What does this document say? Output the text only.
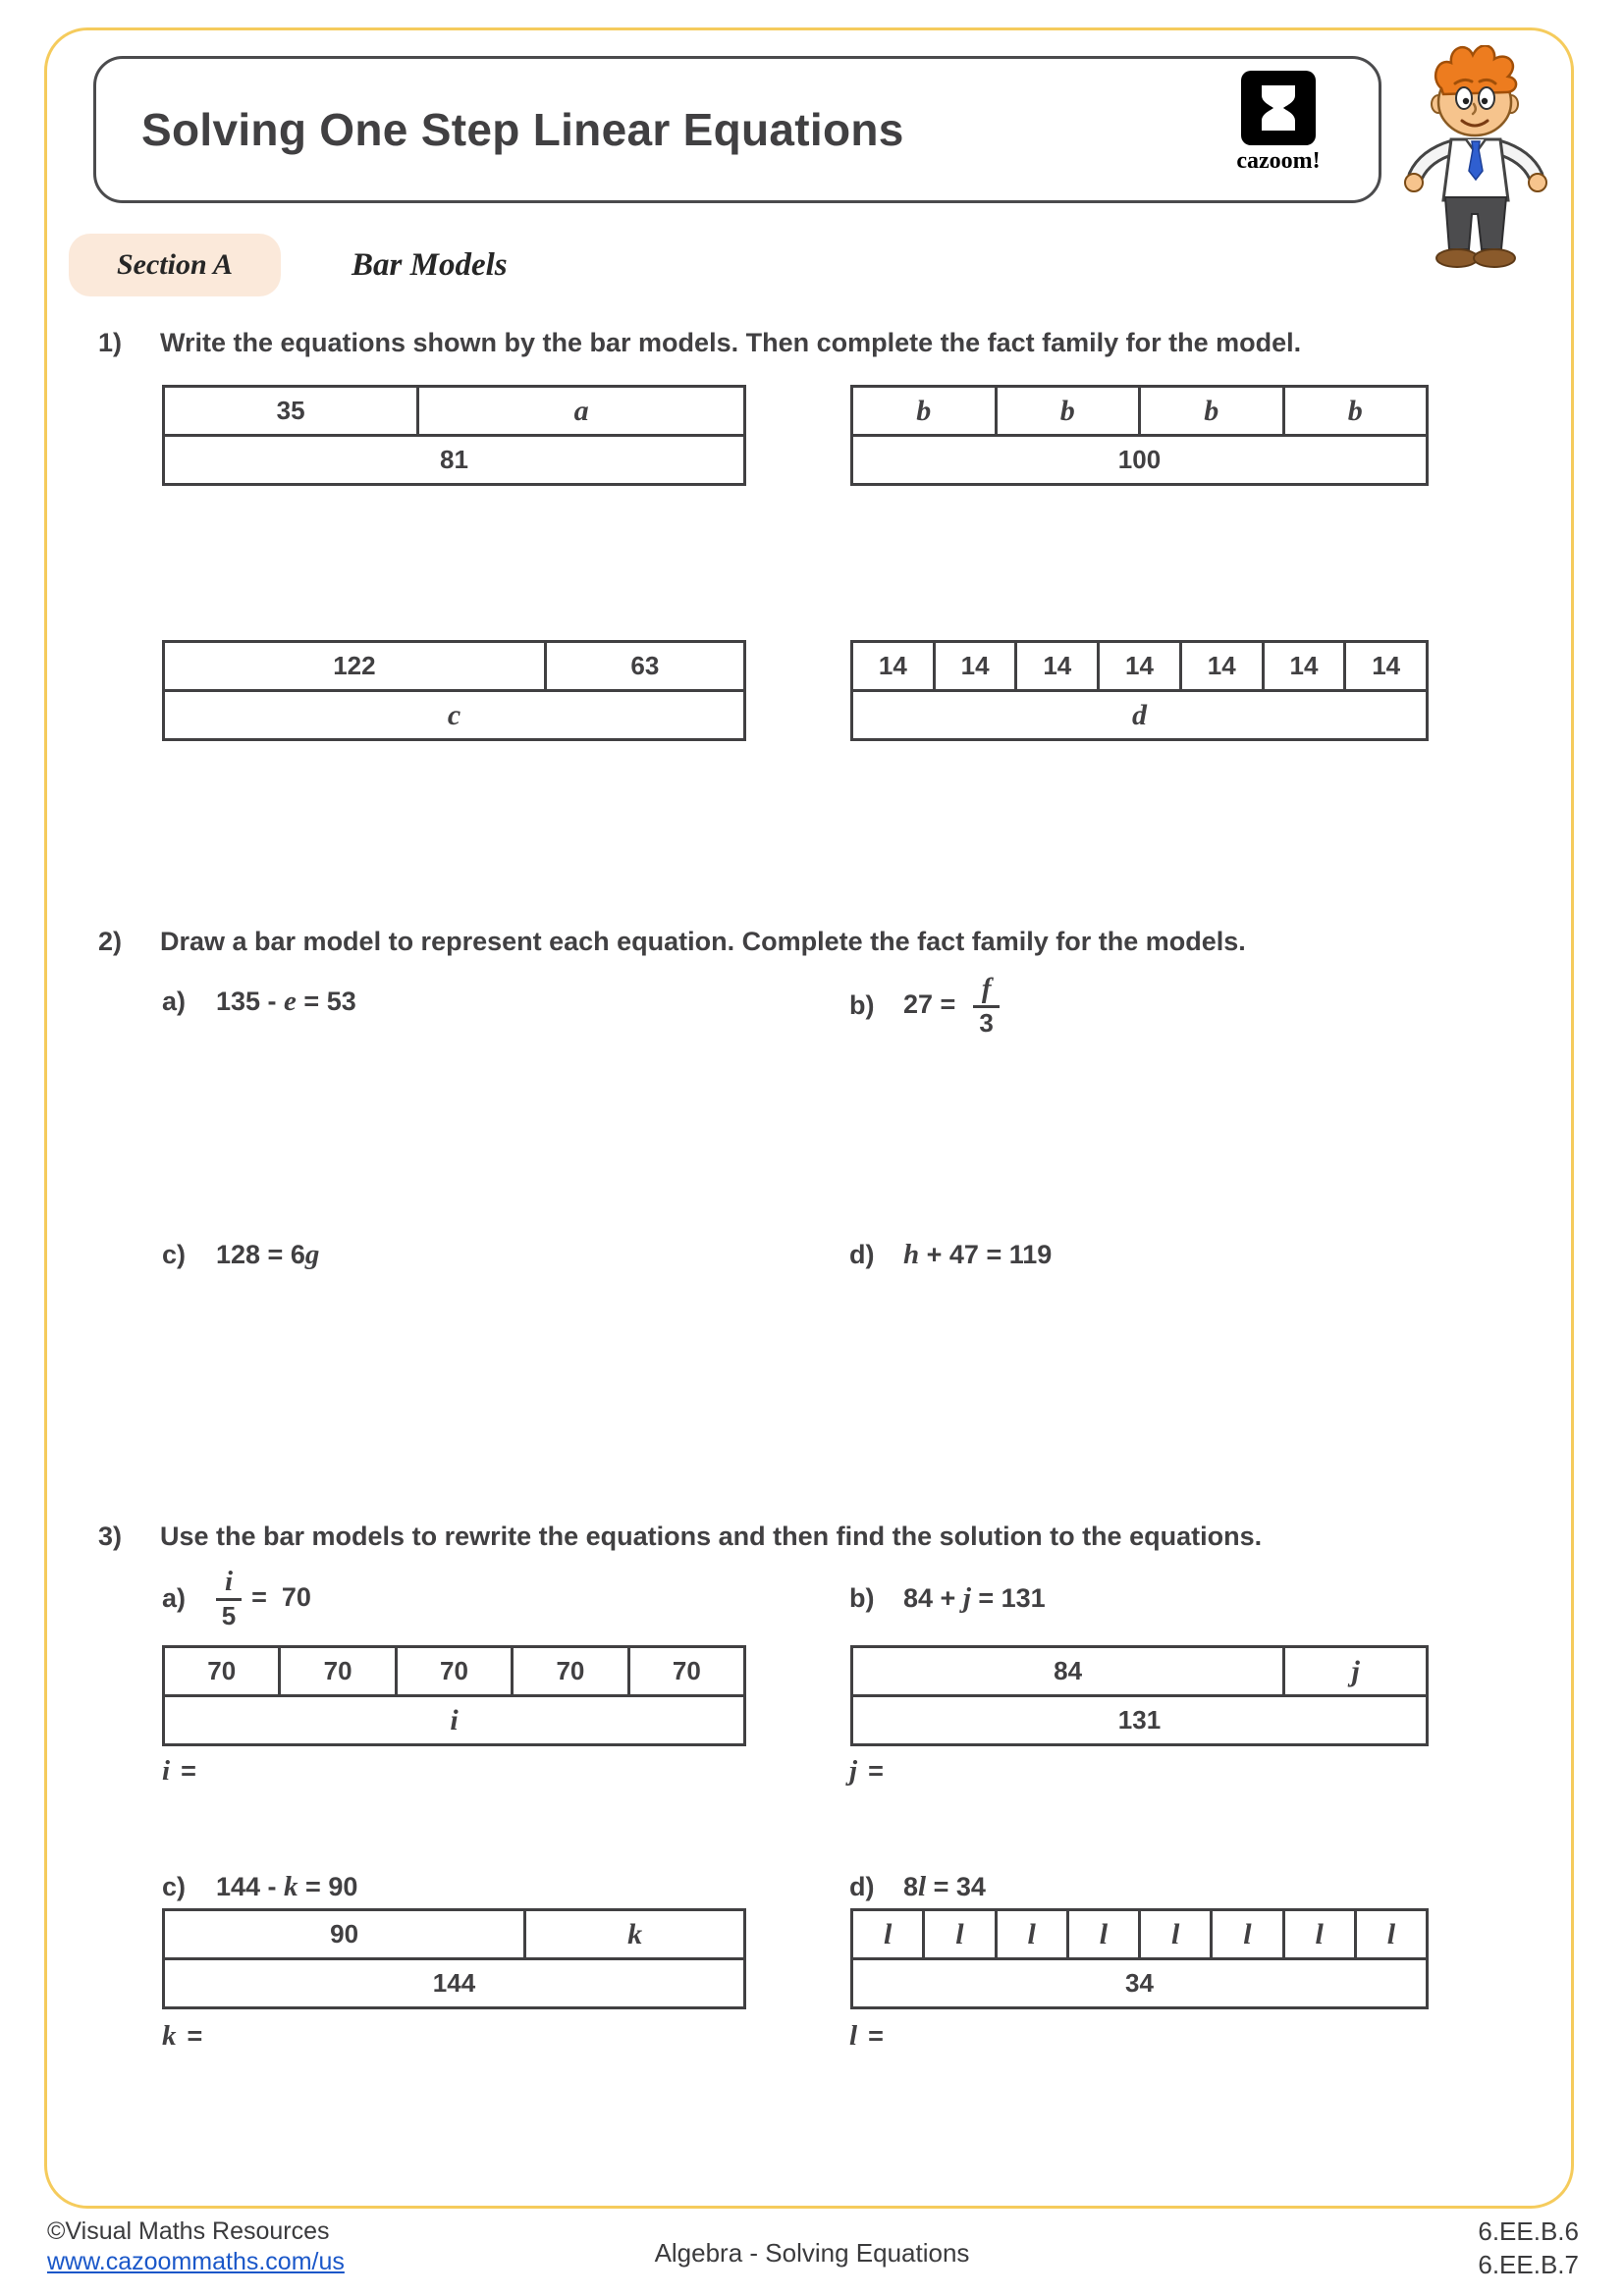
Solving One Step Linear Equations
cazoom!
Section A	Bar Models
1)	Write the equations shown by the bar models. Then complete the fact family for the model.
35	a
81
b	b	b	b
100
122	63
c
14	14	14	14	14	14	14
d
2)	Draw a bar model to represent each equation. Complete the fact family for the models.
a)	135 - e = 53	b)	$27 = \frac{f}{3}$
c)	128 = 6 g	d)	h + 47 = 119
3)	Use the bar models to rewrite the equations and then find the solution to the equations.
a)	$\frac{i}{5} = 70$	b)	84 + j = 131
70	70	70	70	70
i
84	j
131
i =	j =
c)	144 - k = 90	d)	8 l = 34
90	k
144
l	l	l	l	l	l	l	l
34
k =	l =
©Visual Maths Resources
www.cazoommaths.com/us	Algebra - Solving Equations
6.EE.B.6
6.EE.B.7
